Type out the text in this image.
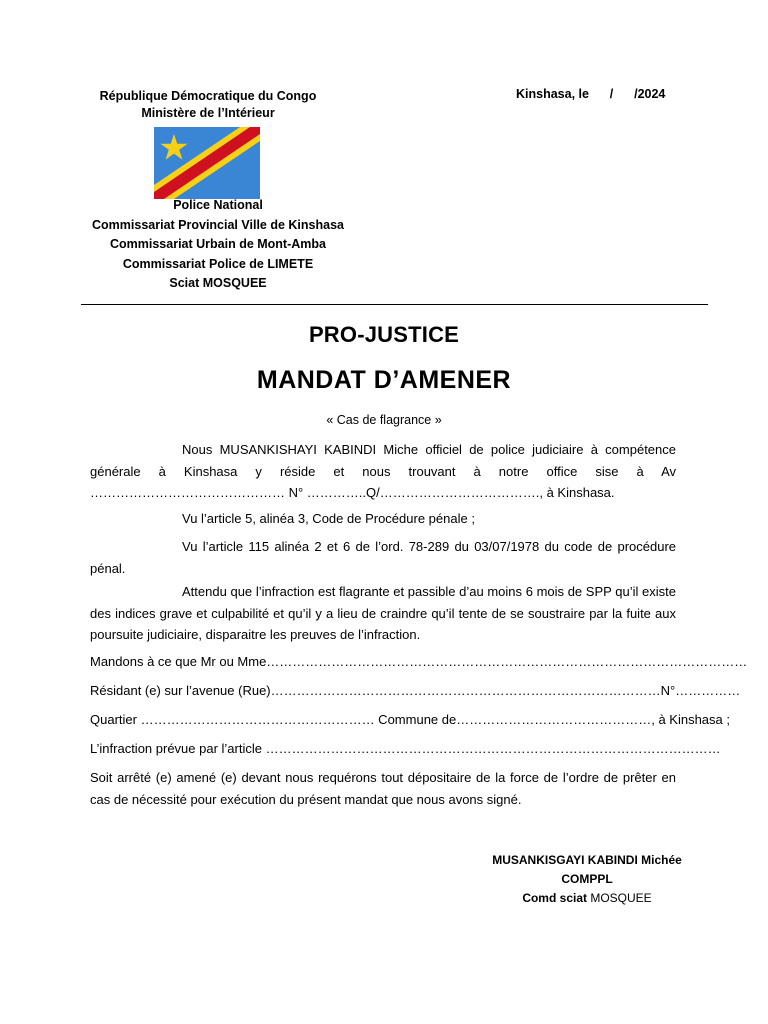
République Démocratique du Congo
Ministère de l’Intérieur
Kinshasa, le      /      /2024
Police National
Commissariat Provincial Ville de Kinshasa
Commissariat Urbain de Mont-Amba
Commissariat Police de LIMETE
Sciat MOSQUEE
PRO-JUSTICE
MANDAT D’AMENER
« Cas de flagrance »
Nous MUSANKISHAYI KABINDI Miche officiel de police judiciaire à compétence générale à Kinshasa y réside et nous trouvant à notre office sise à Av ……………………………………… N° …………..Q/………………………………., à Kinshasa.
Vu l’article 5, alinéa 3, Code de Procédure pénale ;
Vu l’article 115 alinéa 2 et 6 de l’ord. 78-289 du 03/07/1978 du code de procédure pénal.
Attendu que l’infraction est flagrante et passible d’au moins 6 mois de SPP qu’il existe des indices grave et culpabilité et qu’il y a lieu de craindre qu’il tente de se soustraire par la fuite aux poursuite judiciaire, disparaitre les preuves de l’infraction.
Mandons à ce que Mr ou Mme…………………………………………………………………………………………………
Résidant (e) sur l’avenue (Rue)………………………………………………………………………………N°……………
Quartier ……………………………………………… Commune de………………………………………, à Kinshasa ;
L’infraction prévue par l’article ……………………………………………………………………………………………
Soit arrêté (e) amené (e) devant nous requérons tout dépositaire de la force de l’ordre de prêter en cas de nécessité pour exécution du présent mandat que nous avons signé.
MUSANKISGAYI KABINDI Michée
COMPPL
Comd sciat MOSQUEE
